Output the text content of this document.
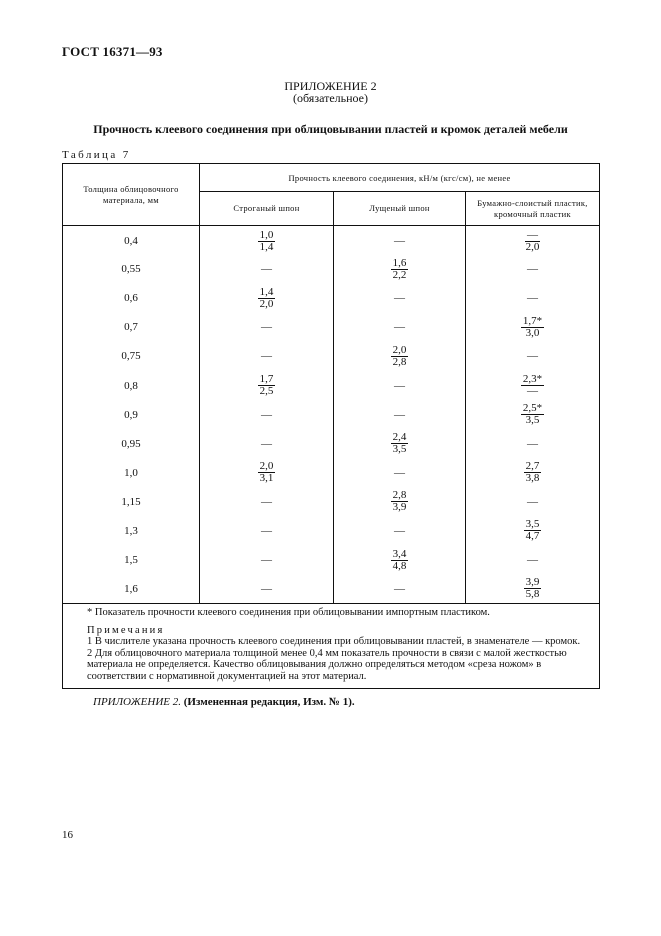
ГОСТ 16371—93
ПРИЛОЖЕНИЕ 2
(обязательное)
Прочность клеевого соединения при облицовывании пластей и кромок деталей мебели
Таблица 7
Толщина облицовочного материала, мм	Прочность клеевого соединения, кН/м (кгс/см), не менее		
	Строганый шпон	Лущеный шпон	Бумажно-слоистый пластик, кромочный пластик
0,4	$\frac{1,0}{1,4}$	—	$\frac{—}{2,0}$

0,55	—	$\frac{1,6}{2,2}$	—
0,6	$\frac{1,4}{2,0}$	—	—
0,7	—	—	$\frac{1,7*}{3,0}$

0,75	—	$\frac{2,0}{2,8}$	—
0,8	$\frac{1,7}{2,5}$	—	$\frac{2,3*}{—}$

0,9	—	—	$\frac{2,5*}{3,5}$

0,95	—	$\frac{2,4}{3,5}$	—
1,0	$\frac{2,0}{3,1}$	—	$\frac{2,7}{3,8}$

1,15	—	$\frac{2,8}{3,9}$	—
1,3	—	—	$\frac{3,5}{4,7}$

1,5	—	$\frac{3,4}{4,8}$	—
1,6	—	—	$\frac{3,9}{5,8}$

* Показатель прочности клеевого соединения при облицовывании импортным пластиком.

Примечания

1 В числителе указана прочность клеевого соединения при облицовывании пластей, в знаменателе — кромок.

2 Для облицовочного материала толщиной менее 0,4 мм показатель прочности в связи с малой жесткостью материала не определяется. Качество облицовывания должно определяться методом «среза ножом» в соответствии с нормативной документацией на этот материал.			

ПРИЛОЖЕНИЕ 2. (Измененная редакция, Изм. № 1).
16
